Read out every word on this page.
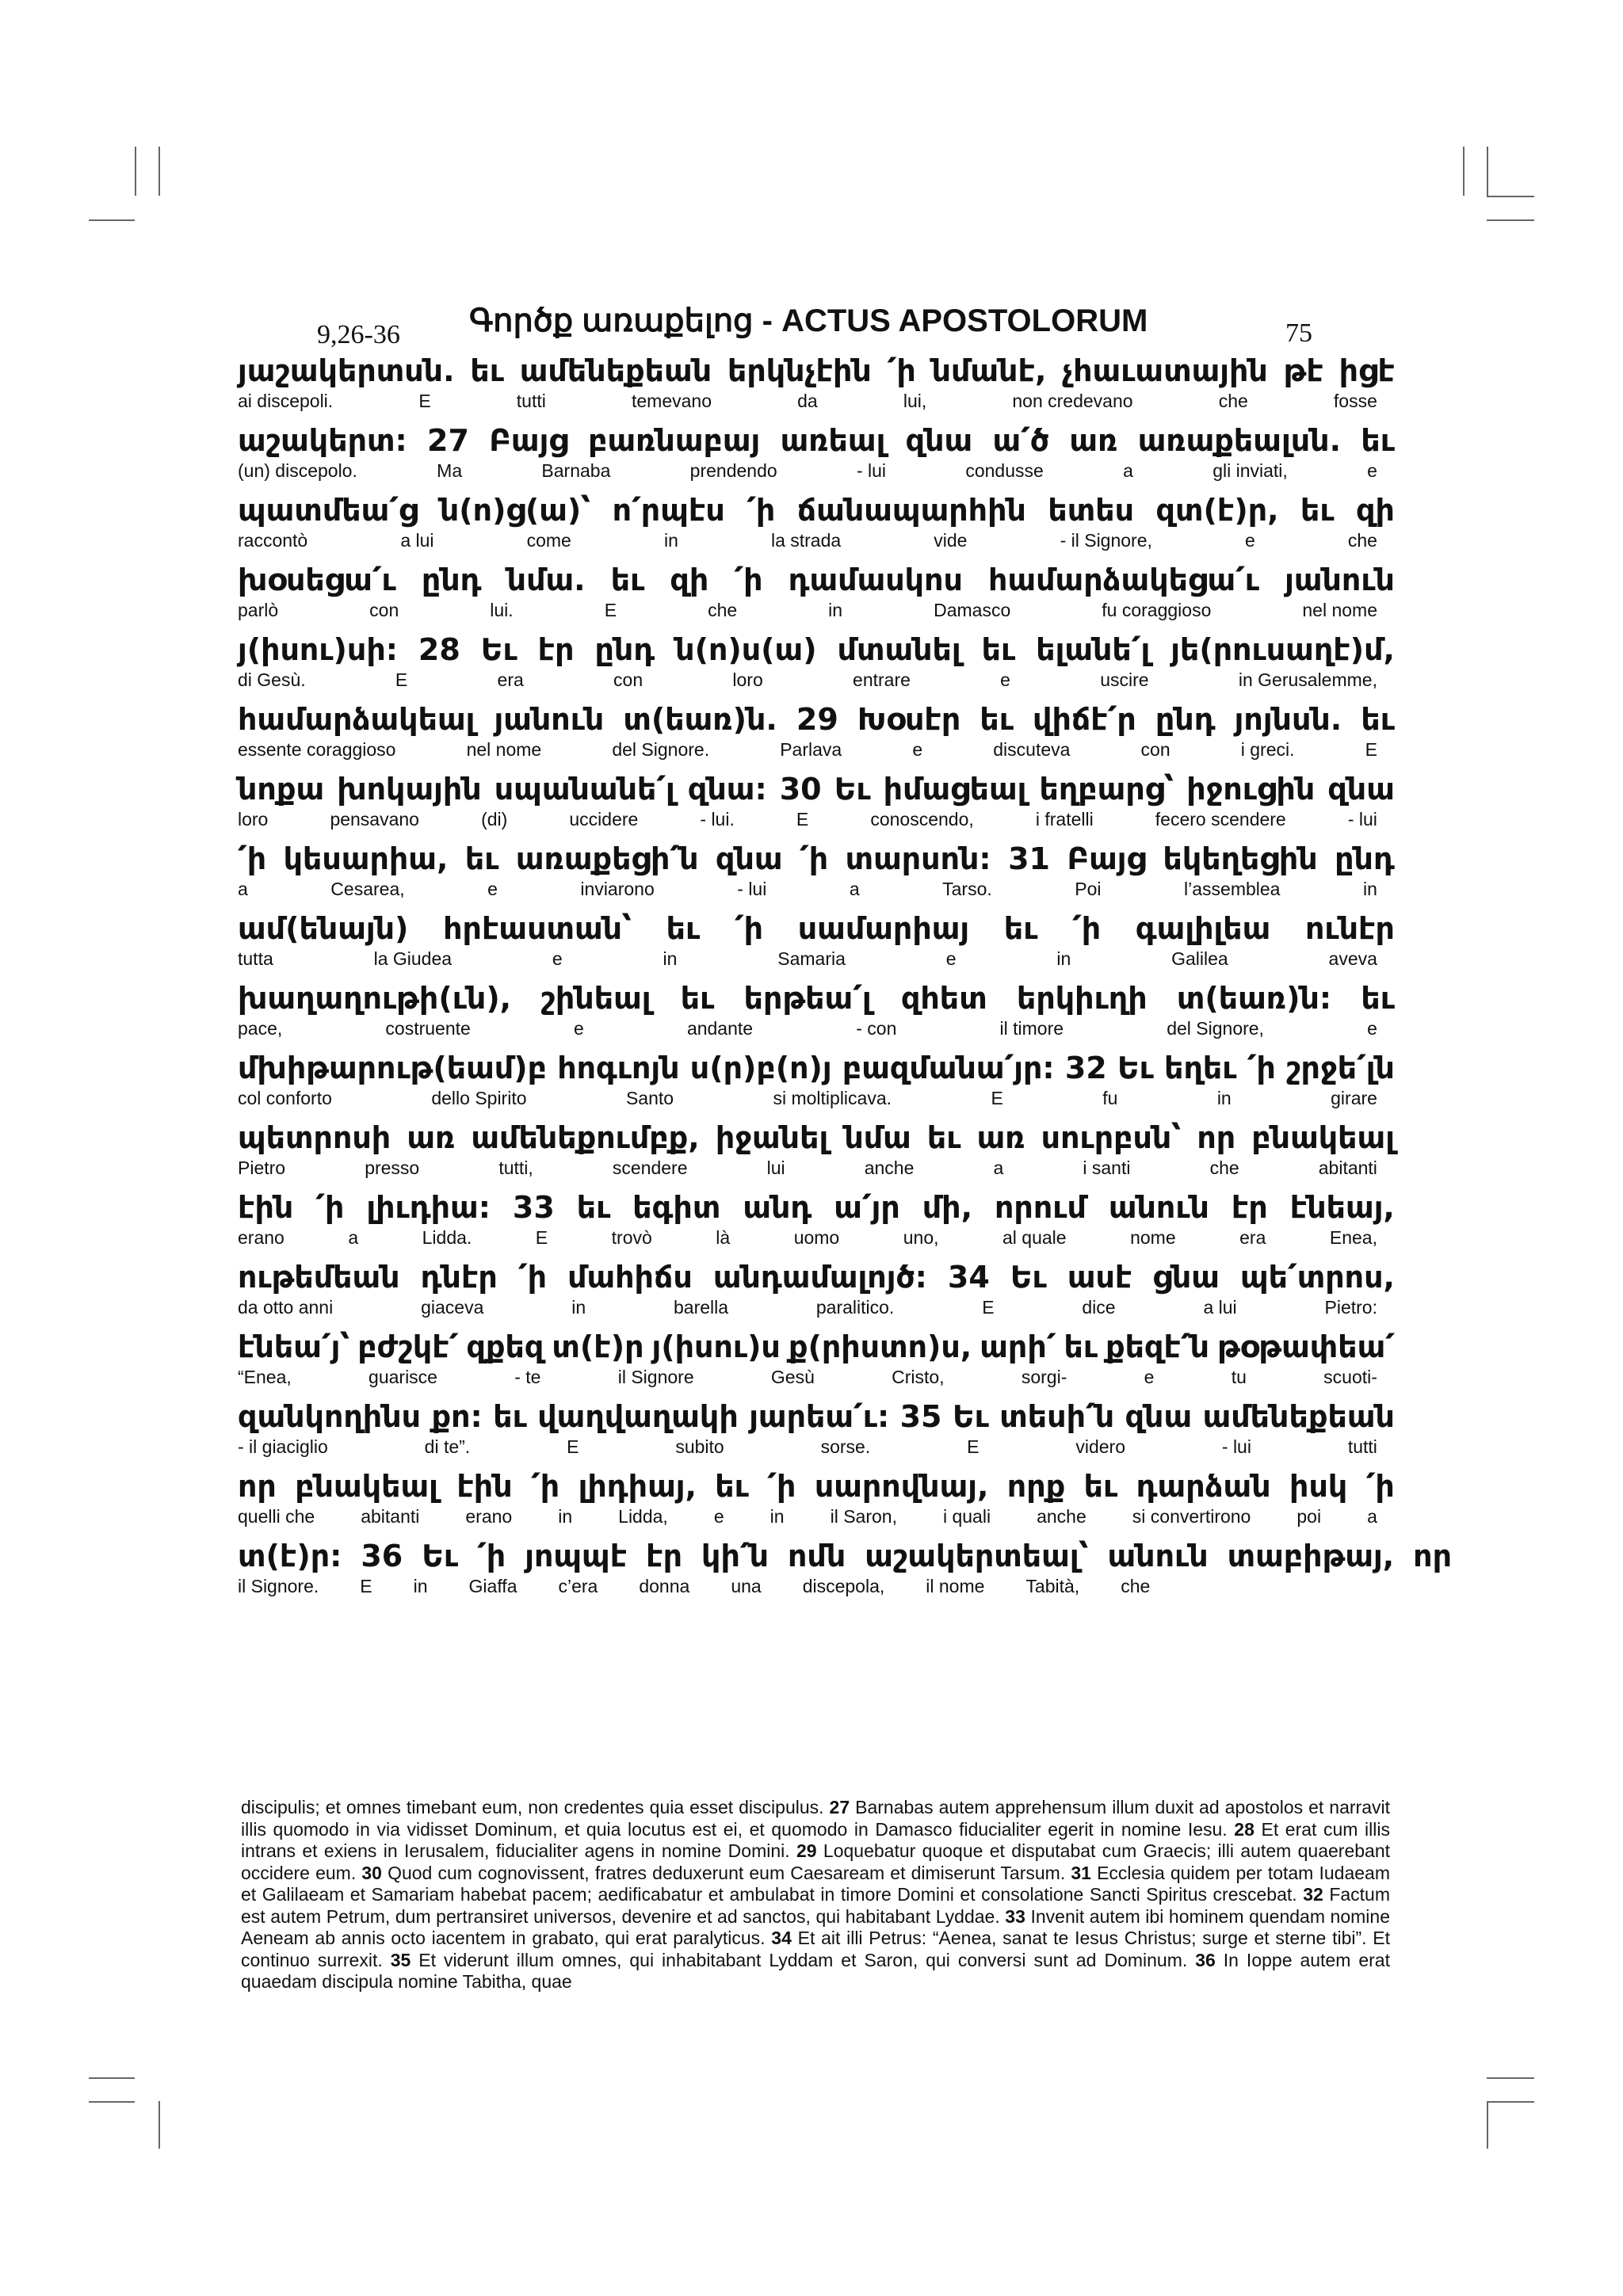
9,26-36 Գործք առաքելոց - ACTUS APOSTOLORUM	75
յաշակերտսն. եւ ամենեքեան երկնչէին ՛ի նմանէ, չհաւատային թէ իցէ
ai discepoli.	E	tutti	temevano	da	lui,	non credevano	che	fosse
աշակերտ: 27 Բայց բառնաբայ առեալ զնա ա՛ծ առ առաքեալսն. եւ
(un) discepolo.	Ma	Barnaba	prendendo	- lui	condusse	a	gli inviati,	e
պատմեա՛ց ն(ո)ց(ա)՝ ո՛րպէս ՛ի ճանապարհին ետես զտ(է)ր, եւ զի
raccontò	a lui	come	in	la strada	vide	- il Signore,	e	che
խօսեցա՛ւ ընդ նմա. եւ զի ՛ի դամասկոս համարձակեցա՛ւ յանուն
parlò	con	lui.	E	che	in	Damasco	fu coraggioso	nel nome
յ(իսու)սի: 28 Եւ էր ընդ ն(ո)ս(ա) մտանել եւ ելանե՛լ յե(րուսաղէ)մ,
di Gesù.	E	era	con	loro	entrare	e	uscire	in Gerusalemme,
համարձակեալ յանուն տ(եառ)ն. 29 Խօսէր եւ վիճէ՛ր ընդ յոյնսն. եւ
essente coraggioso	nel nome	del Signore.	Parlava	e	discuteva	con	i greci.	E
նոքա խոկային սպանանե՛լ զնա: 30 Եւ իմացեալ եղբարց՝ իջուցին զնա
loro	pensavano	(di)	uccidere	- lui.	E	conoscendo,	i fratelli	fecero scendere	- lui
՛ի կեսարիա, եւ առաքեցի՛ն զնա ՛ի տարսոն: 31 Բայց եկեղեցին ընդ
a	Cesarea,	e	inviarono	- lui	a	Tarso.	Poi	l’assemblea	in
ամ(ենայն) հրէաստան՝ եւ ՛ի սամարիայ եւ ՛ի գալիլեա ունէր
tutta	la Giudea	e	in	Samaria	e	in	Galilea	aveva
խաղաղութի(ւն), շինեալ եւ երթեա՛լ զհետ երկիւղի տ(եառ)ն: եւ
pace,	costruente	e	andante	- con	il timore	del Signore,	e
մխիթարութ(եամ)բ հոգւոյն ս(ր)բ(ո)յ բազմանա՛յր: 32 Եւ եղեւ ՛ի շրջե՛լն
col conforto	dello Spirito	Santo	si moltiplicava.	E	fu	in	girare
պետրոսի առ ամենեքումբք, իջանել նմա եւ առ սուրբսն՝ որ բնակեալ
Pietro	presso	tutti,	scendere	lui	anche	a	i santi	che	abitanti
էին ՛ի լիւդիա: 33 եւ եգիտ անդ ա՛յր մի, որում անուն էր էնեայ,
erano	a	Lidda.	E	trovò	là	uomo	uno,	al quale	nome	era	Enea,
ութեմեան դնէր ՛ի մահիճս անդամալոյծ: 34 Եւ ասէ ցնա պե՛տրոս,
da otto anni	giaceva	in	barella	paralitico.	E	dice	a lui	Pietro:
էնեա՛յ՝ բժշկէ՛ զքեզ տ(է)ր յ(իսու)ս ք(րիստո)ս, արի՛ եւ քեզէ՛ն թօթափեա՛
“Enea,	guarisce	- te	il Signore	Gesù	Cristo,	sorgi-	e	tu	scuoti-
զանկողինս քո: եւ վաղվաղակի յարեա՛ւ: 35 Եւ տեսի՛ն զնա ամենեքեան
- il giaciglio	di te”.	E	subito	sorse.	E	videro	- lui	tutti
որ բնակեալ էին ՛ի լիդիայ, եւ ՛ի սարովնայ, որք եւ դարձան իսկ ՛ի
quelli che	abitanti	erano	in	Lidda,	e	in	il Saron,	i quali	anche	si convertirono	poi	a
տ(է)ր: 36 Եւ ՛ի յոպպէ էր կի՛ն ոմն աշակերտեալ՝ անուն տաբիթայ, որ
il Signore. E in Giaffa c’era donna una discepola, il nome Tabità, che
discipulis; et omnes timebant eum, non credentes quia esset discipulus. 27 Barnabas autem apprehensum illum duxit ad apostolos et narravit illis quomodo in via vidisset Dominum, et quia locutus est ei, et quomodo in Damasco fiducialiter egerit in nomine Iesu. 28 Et erat cum illis intrans et exiens in Ierusalem, fiducialiter agens in nomine Domini. 29 Loquebatur quoque et disputabat cum Graecis; illi autem quaerebant occidere eum. 30 Quod cum cognovissent, fratres deduxerunt eum Caesaream et dimiserunt Tarsum. 31 Ecclesia quidem per totam Iudaeam et Galilaeam et Samariam habebat pacem; aedificabatur et ambulabat in timore Domini et consolatione Sancti Spiritus crescebat. 32 Factum est autem Petrum, dum pertransiret universos, devenire et ad sanctos, qui habitabant Lyddae. 33 Invenit autem ibi hominem quendam nomine Aeneam ab annis octo iacentem in grabato, qui erat paralyticus. 34 Et ait illi Petrus: “Aenea, sanat te Iesus Christus; surge et sterne tibi”. Et continuo surrexit. 35 Et viderunt illum omnes, qui inhabitabant Lyddam et Saron, qui conversi sunt ad Dominum. 36 In Ioppe autem erat quaedam discipula nomine Tabitha, quae
